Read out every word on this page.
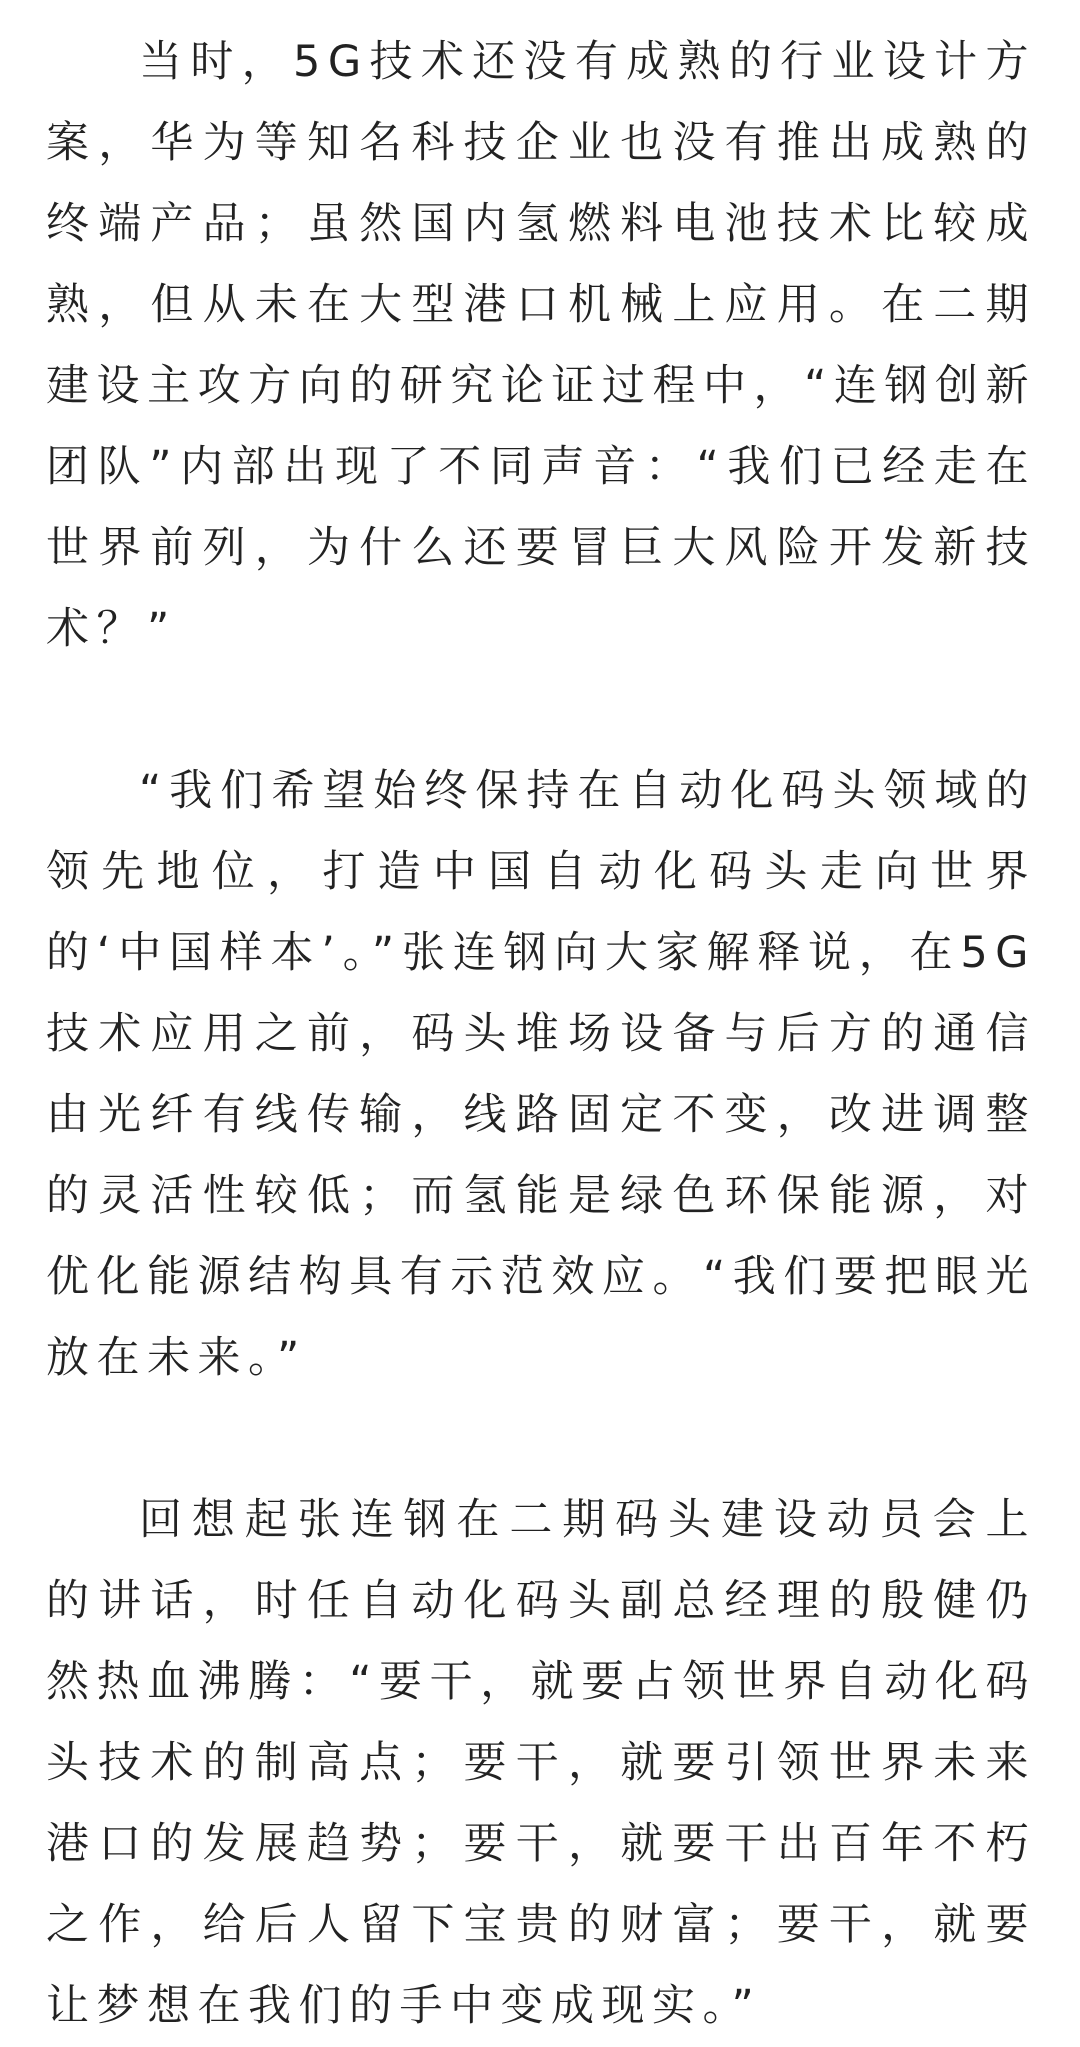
当时，5G技术还没有成熟的行业设计方案，华为等知名科技企业也没有推出成熟的终端产品；虽然国内氢燃料电池技术比较成熟，但从未在大型港口机械上应用。在二期建设主攻方向的研究论证过程中，“连钢创新团队”内部出现了不同声音：“我们已经走在世界前列，为什么还要冒巨大风险开发新技术？”

“我们希望始终保持在自动化码头领域的领先地位，打造中国自动化码头走向世界的‘中国样本’。”张连钢向大家解释说，在5G技术应用之前，码头堆场设备与后方的通信由光纤有线传输，线路固定不变，改进调整的灵活性较低；而氢能是绿色环保能源，对优化能源结构具有示范效应。“我们要把眼光放在未来。”

回想起张连钢在二期码头建设动员会上的讲话，时任自动化码头副总经理的殷健仍然热血沸腾：“要干，就要占领世界自动化码头技术的制高点；要干，就要引领世界未来港口的发展趋势；要干，就要干出百年不朽之作，给后人留下宝贵的财富；要干，就要让梦想在我们的手中变成现实。”
